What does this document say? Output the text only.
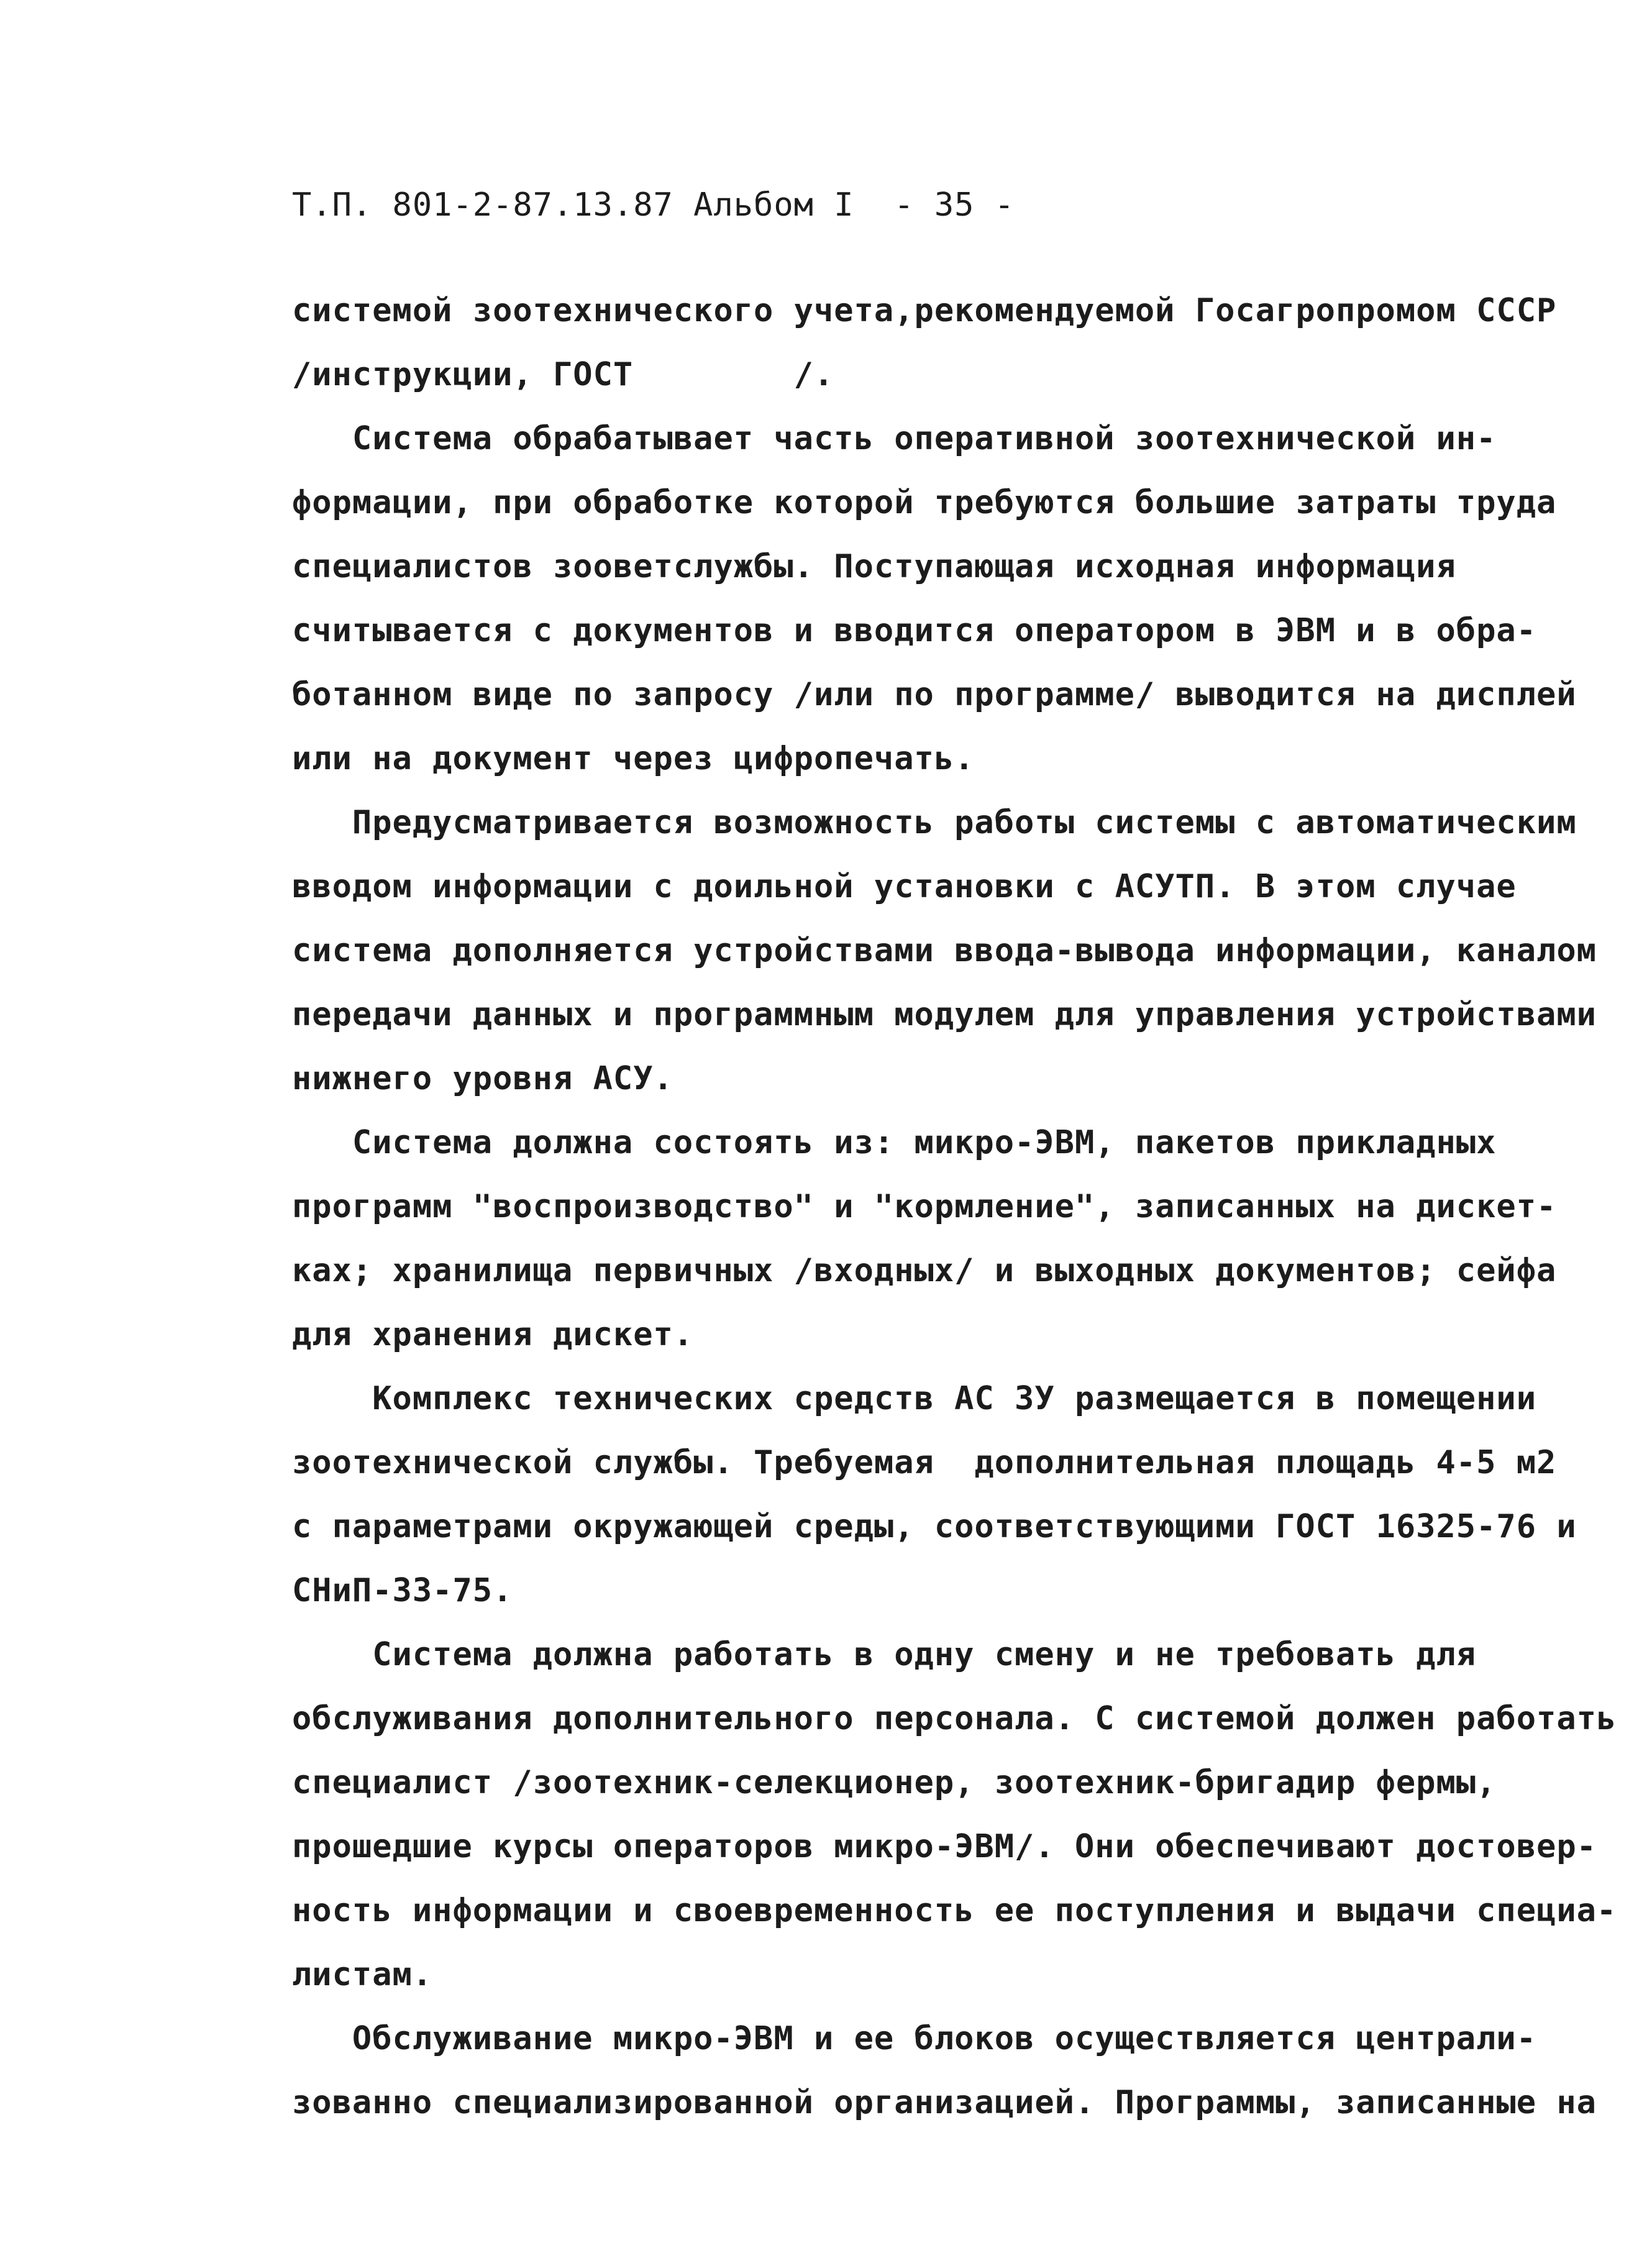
Т.П. 801-2-87.13.87 Альбом I  - 35 -
системой зоотехнического учета,рекомендуемой Госагропромом СССР
/инструкции, ГОСТ        /.
Система обрабатывает часть оперативной зоотехнической ин-
формации, при обработке которой требуются большие затраты труда
специалистов зооветслужбы. Поступающая исходная информация
считывается с документов и вводится оператором в ЭВМ и в обра-
ботанном виде по запросу /или по программе/ выводится на дисплей
или на документ через цифропечать.
Предусматривается возможность работы системы с автоматическим
вводом информации с доильной установки с АСУТП. В этом случае
система дополняется устройствами ввода-вывода информации, каналом
передачи данных и программным модулем для управления устройствами
нижнего уровня АСУ.
Система должна состоять из: микро-ЭВМ, пакетов прикладных
программ "воспроизводство" и "кормление", записанных на дискет-
ках; хранилища первичных /входных/ и выходных документов; сейфа
для хранения дискет.
Комплекс технических средств АС ЗУ размещается в помещении
зоотехнической службы. Требуемая  дополнительная площадь 4-5 м2
с параметрами окружающей среды, соответствующими ГОСТ 16325-76 и
СНиП-33-75.
Система должна работать в одну смену и не требовать для
обслуживания дополнительного персонала. С системой должен работать
специалист /зоотехник-селекционер, зоотехник-бригадир фермы,
прошедшие курсы операторов микро-ЭВМ/. Они обеспечивают достовер-
ность информации и своевременность ее поступления и выдачи специа-
листам.
Обслуживание микро-ЭВМ и ее блоков осуществляется централи-
зованно специализированной организацией. Программы, записанные на
